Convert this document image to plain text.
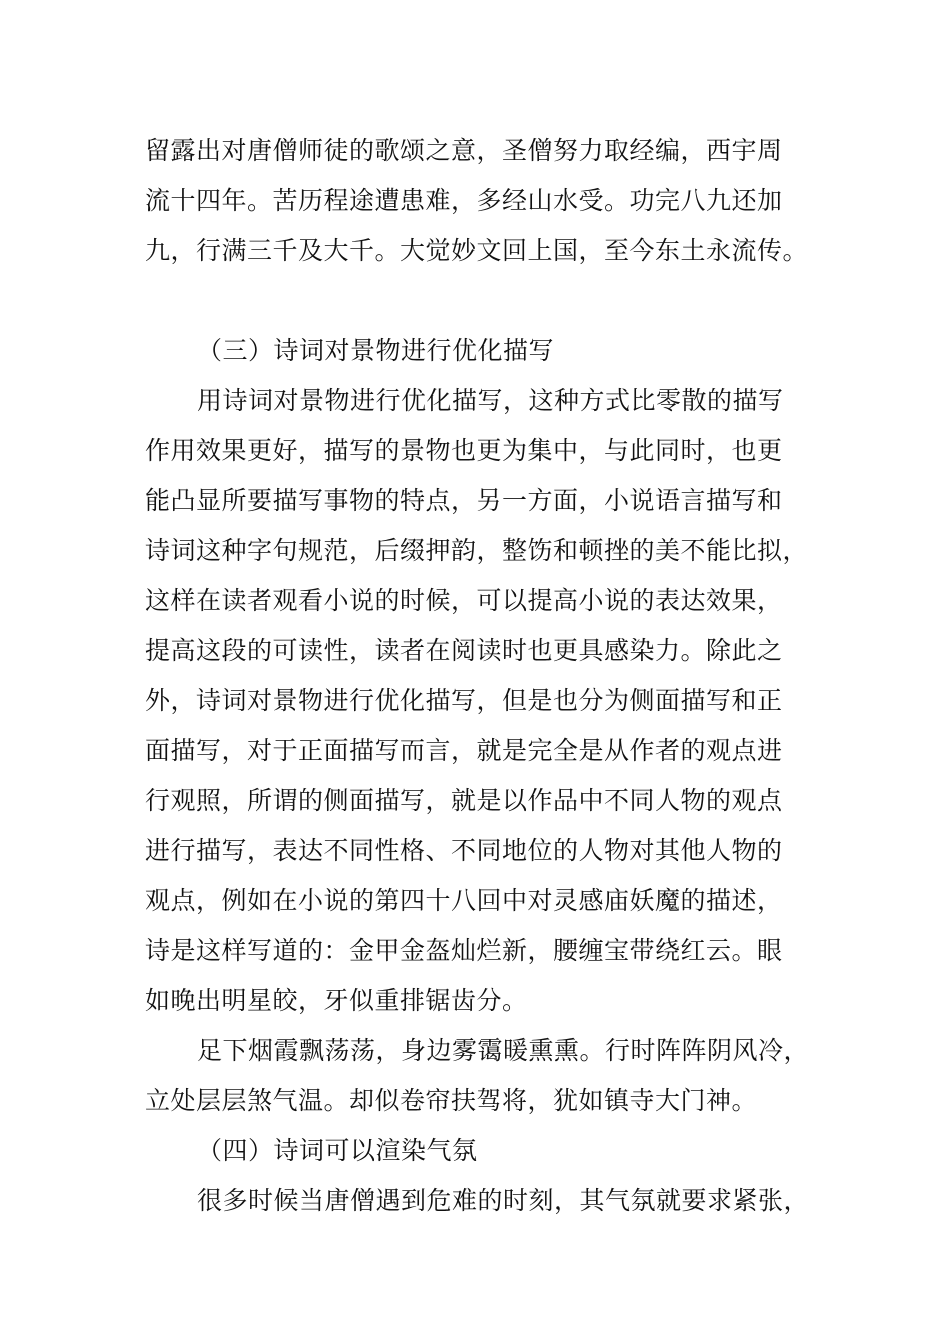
留露出对唐僧师徒的歌颂之意，圣僧努力取经编，西宇周
流十四年。苦历程途遭患难，多经山水受。功完八九还加
九，行满三千及大千。大觉妙文回上国，至今东土永流传。
（三）诗词对景物进行优化描写
用诗词对景物进行优化描写，这种方式比零散的描写
作用效果更好，描写的景物也更为集中，与此同时，也更
能凸显所要描写事物的特点，另一方面，小说语言描写和
诗词这种字句规范，后缀押韵，整饬和顿挫的美不能比拟，
这样在读者观看小说的时候，可以提高小说的表达效果，
提高这段的可读性，读者在阅读时也更具感染力。除此之
外，诗词对景物进行优化描写，但是也分为侧面描写和正
面描写，对于正面描写而言，就是完全是从作者的观点进
行观照，所谓的侧面描写，就是以作品中不同人物的观点
进行描写，表达不同性格、不同地位的人物对其他人物的
观点，例如在小说的第四十八回中对灵感庙妖魔的描述，
诗是这样写道的：金甲金盔灿烂新，腰缠宝带绕红云。眼
如晚出明星皎，牙似重排锯齿分。
足下烟霞飘荡荡，身边雾霭暖熏熏。行时阵阵阴风冷，
立处层层煞气温。却似卷帘扶驾将，犹如镇寺大门神。
（四）诗词可以渲染气氛
很多时候当唐僧遇到危难的时刻，其气氛就要求紧张，
